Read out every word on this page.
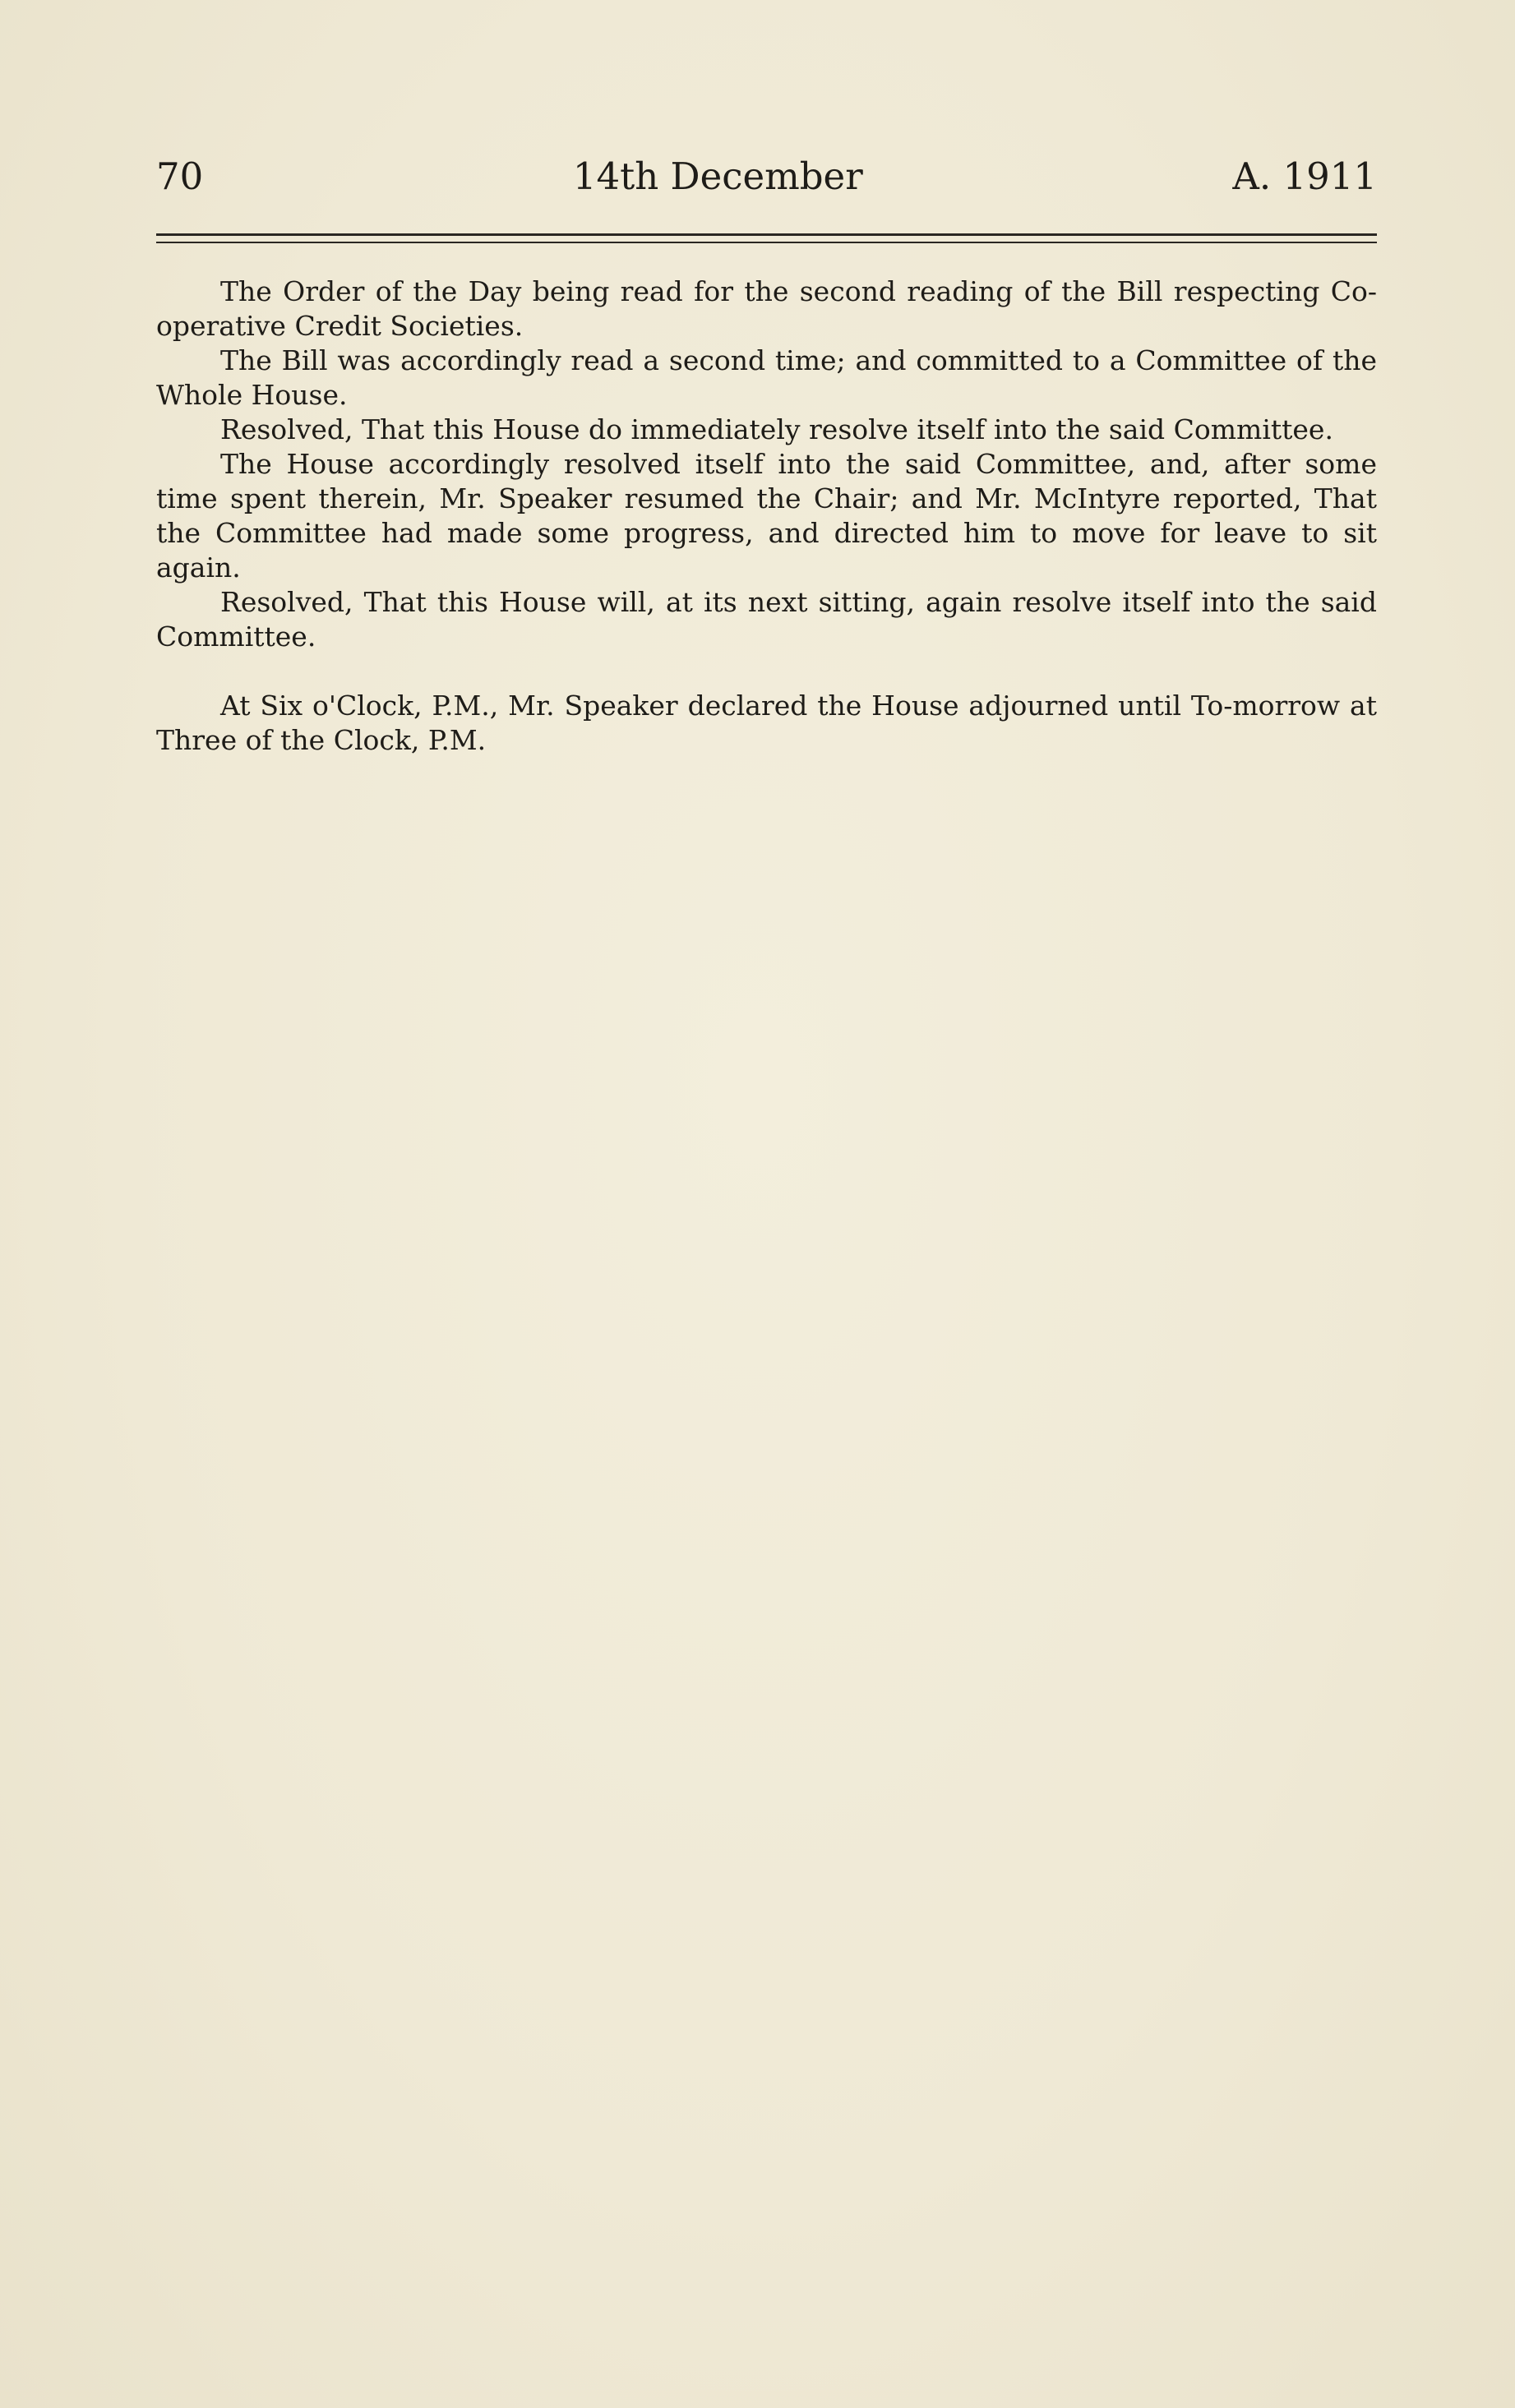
70	14th December	A. 1911

The Order of the Day being read for the second reading of the Bill respecting Co-operative Credit Societies.

The Bill was accordingly read a second time; and committed to a Committee of the Whole House.

Resolved, That this House do immediately resolve itself into the said Committee.

The House accordingly resolved itself into the said Committee, and, after some time spent therein, Mr. Speaker resumed the Chair; and Mr. McIntyre reported, That the Committee had made some progress, and directed him to move for leave to sit again.

Resolved, That this House will, at its next sitting, again resolve itself into the said Committee.

At Six o'Clock, P.M., Mr. Speaker declared the House adjourned until To-morrow at Three of the Clock, P.M.
